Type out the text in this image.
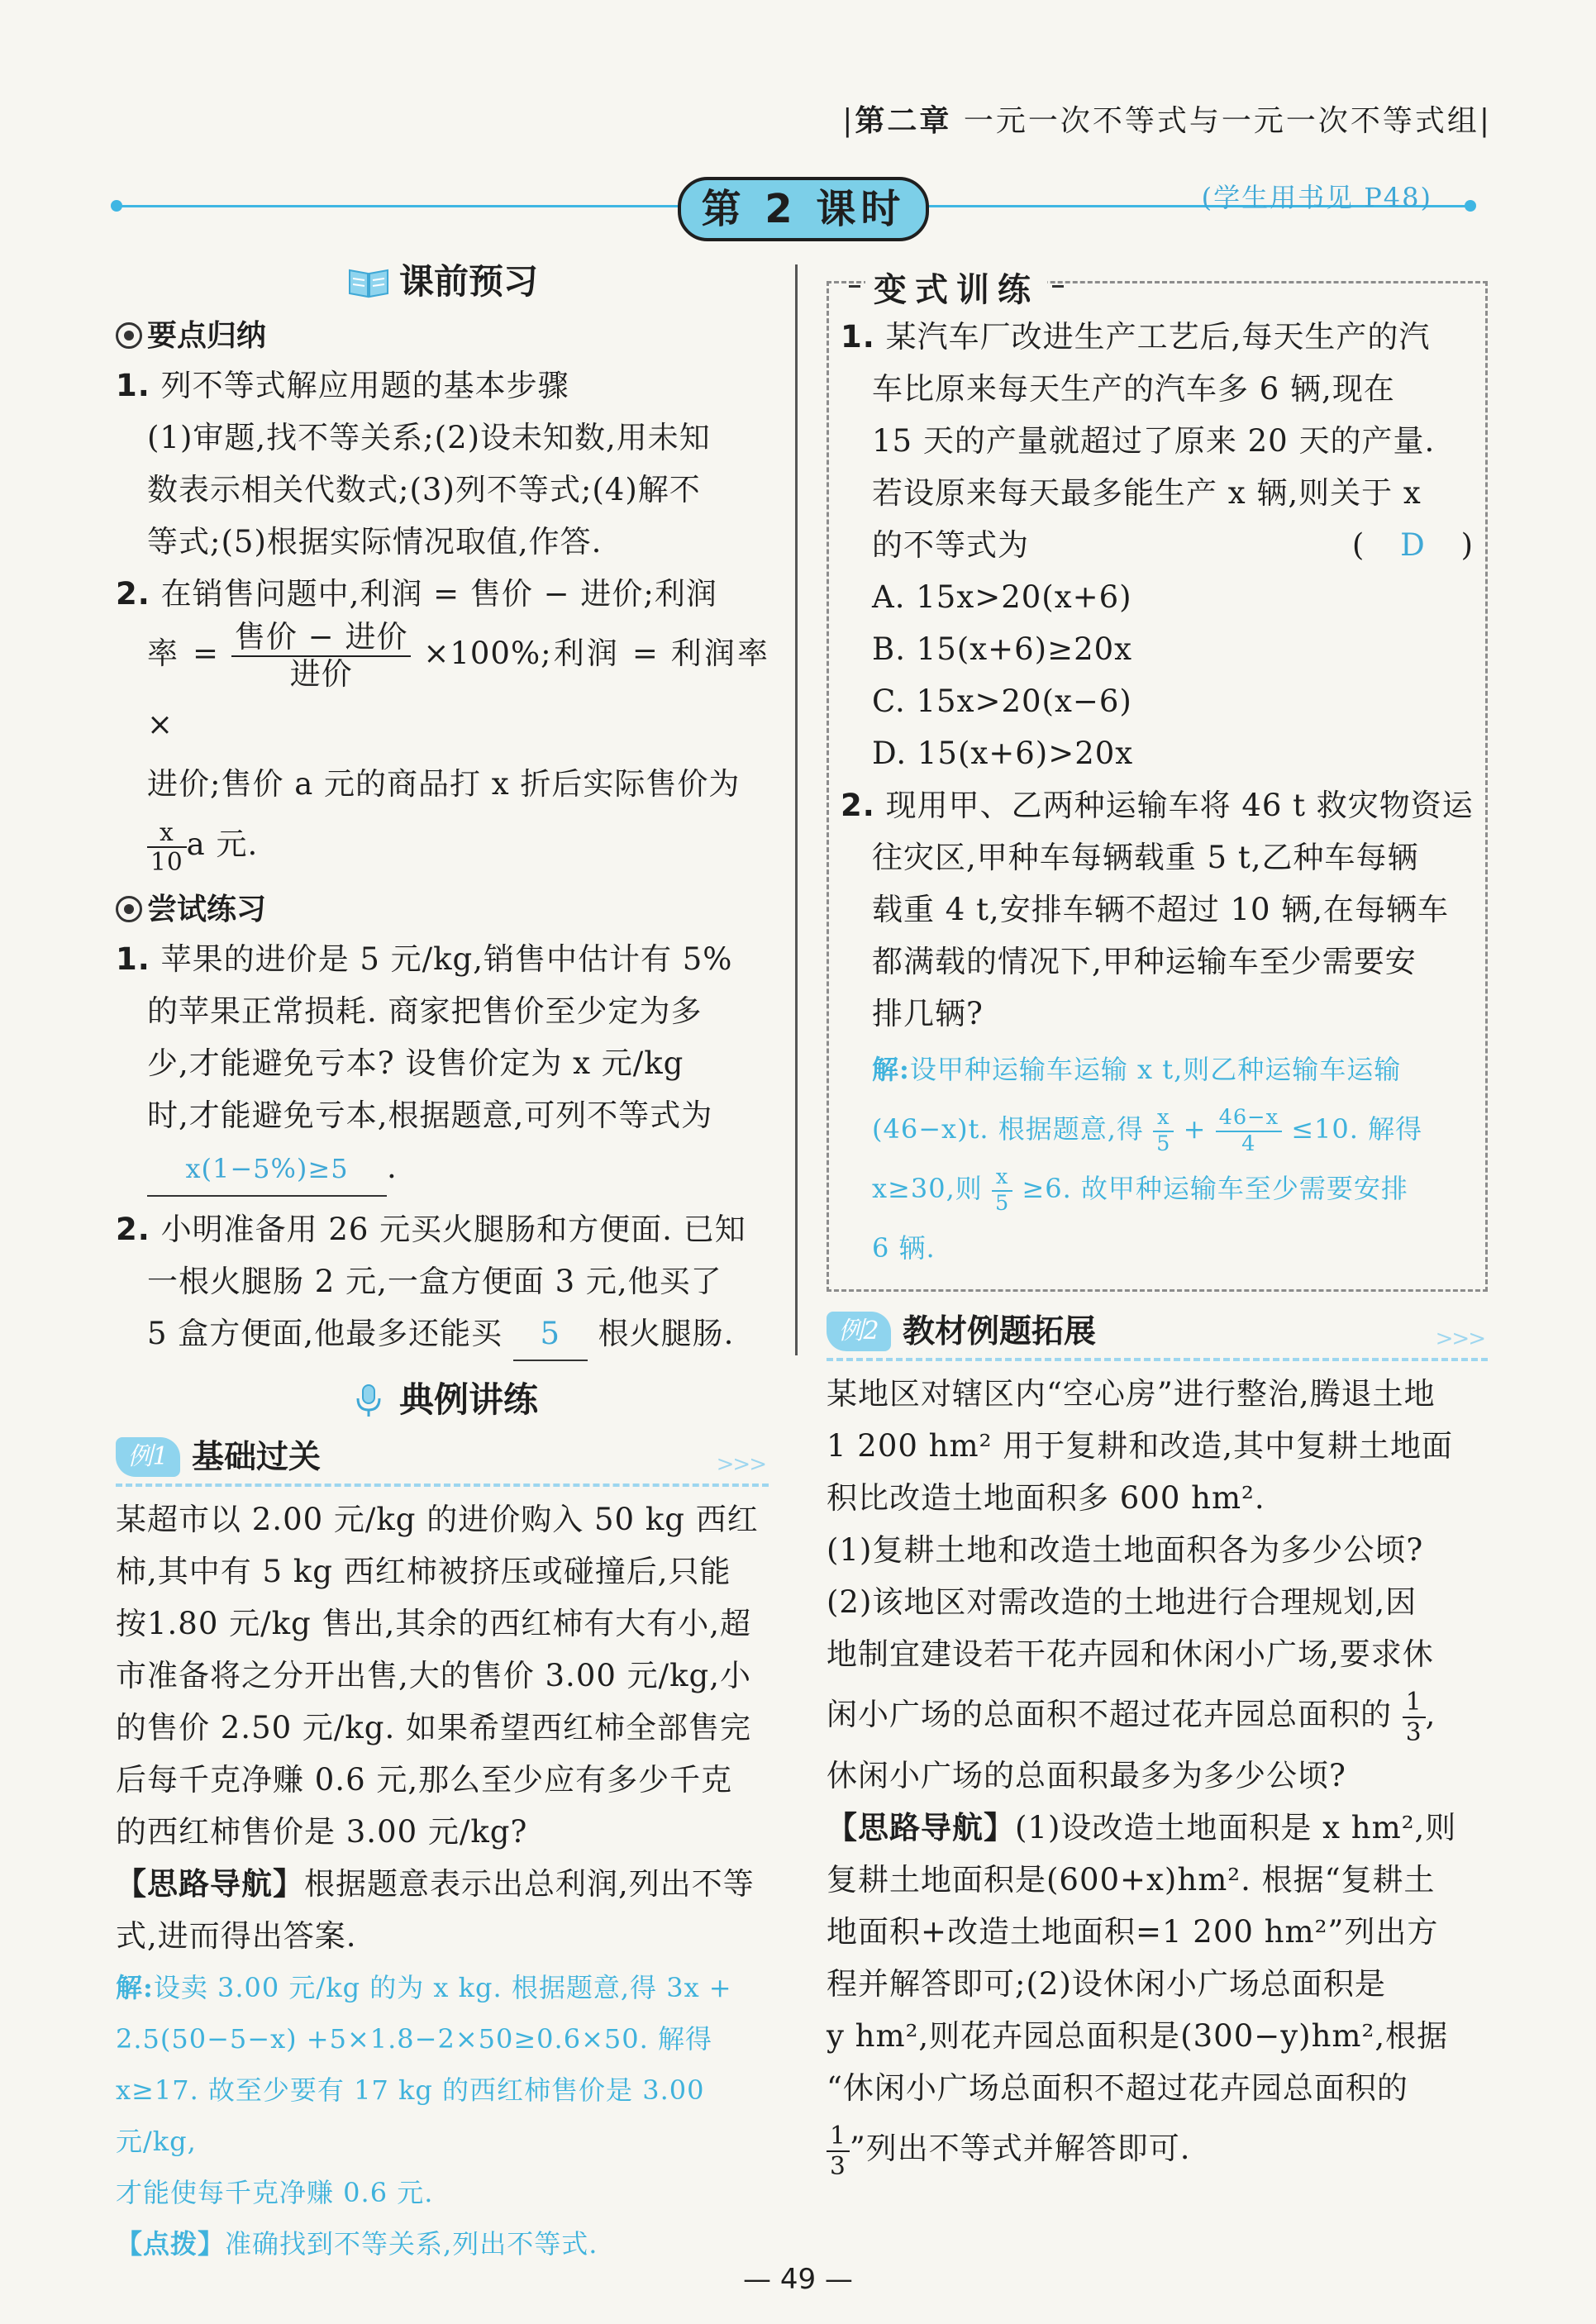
|第二章 一元一次不等式与一元一次不等式组|
第 2 课时	(学生用书见 P48)
课前预习
要点归纳
1. 列不等式解应用题的基本步骤
(1)审题,找不等关系;(2)设未知数,用未知
数表示相关代数式;(3)列不等式;(4)解不
等式;(5)根据实际情况取值,作答.
2. 在销售问题中,利润 = 售价 − 进价;利润
率 = $\frac{\text{售价 − 进价}}{\text{进价}} \times 100\%$;利润 = 利润率 ×
进价;售价 a 元的商品打 x 折后实际售价为
$\frac{x}{10}$ a 元.
尝试练习
1. 苹果的进价是 5 元/kg,销售中估计有 5%
的苹果正常损耗. 商家把售价至少定为多
少,才能避免亏本? 设售价定为 x 元/kg
时,才能避免亏本,根据题意,可列不等式为
x(1−5%)≥5 .
2. 小明准备用 26 元买火腿肠和方便面. 已知
一根火腿肠 2 元,一盒方便面 3 元,他买了
5 盒方便面,他最多还能买 5 根火腿肠.
典例讲练
例1 基础过关	>>>
某超市以 2.00 元/kg 的进价购入 50 kg 西红
柿,其中有 5 kg 西红柿被挤压或碰撞后,只能
按1.80 元/kg 售出,其余的西红柿有大有小,超
市准备将之分开出售,大的售价 3.00 元/kg,小
的售价 2.50 元/kg. 如果希望西红柿全部售完
后每千克净赚 0.6 元,那么至少应有多少千克
的西红柿售价是 3.00 元/kg?
【思路导航】根据题意表示出总利润,列出不等
式,进而得出答案.
解:设卖 3.00 元/kg 的为 x kg. 根据题意,得 3x +
2.5(50−5−x) +5×1.8−2×50≥0.6×50. 解得
x≥17. 故至少要有 17 kg 的西红柿售价是 3.00 元/kg,
才能使每千克净赚 0.6 元.
【点拨】准确找到不等关系,列出不等式.
变式训练
1. 某汽车厂改进生产工艺后,每天生产的汽
车比原来每天生产的汽车多 6 辆,现在
15 天的产量就超过了原来 20 天的产量.
若设原来每天最多能生产 x 辆,则关于 x
的不等式为	( D )
A. 15x>20(x+6)
B. 15(x+6)≥20x
C. 15x>20(x−6)
D. 15(x+6)>20x
2. 现用甲、乙两种运输车将 46 t 救灾物资运
往灾区,甲种车每辆载重 5 t,乙种车每辆
载重 4 t,安排车辆不超过 10 辆,在每辆车
都满载的情况下,甲种运输车至少需要安
排几辆?
解:设甲种运输车运输 x t,则乙种运输车运输
(46−x)t. 根据题意,得 $\frac{x}{5} + \frac{46-x}{4} \le 10$. 解得
x≥30,则 $\frac{x}{5} \ge 6$. 故甲种运输车至少需要安排
6 辆.
例2 教材例题拓展	>>>
某地区对辖区内“空心房”进行整治,腾退土地
1 200 hm² 用于复耕和改造,其中复耕土地面
积比改造土地面积多 600 hm².
(1)复耕土地和改造土地面积各为多少公顷?
(2)该地区对需改造的土地进行合理规划,因
地制宜建设若干花卉园和休闲小广场,要求休
闲小广场的总面积不超过花卉园总面积的 $\frac{1}{3}$ ,
休闲小广场的总面积最多为多少公顷?
【思路导航】(1)设改造土地面积是 x hm²,则
复耕土地面积是(600+x)hm². 根据“复耕土
地面积+改造土地面积=1 200 hm²”列出方
程并解答即可;(2)设休闲小广场总面积是
y hm²,则花卉园总面积是(300−y)hm²,根据
“休闲小广场总面积不超过花卉园总面积的
$\frac{1}{3}$ ”列出不等式并解答即可.
— 49 —
